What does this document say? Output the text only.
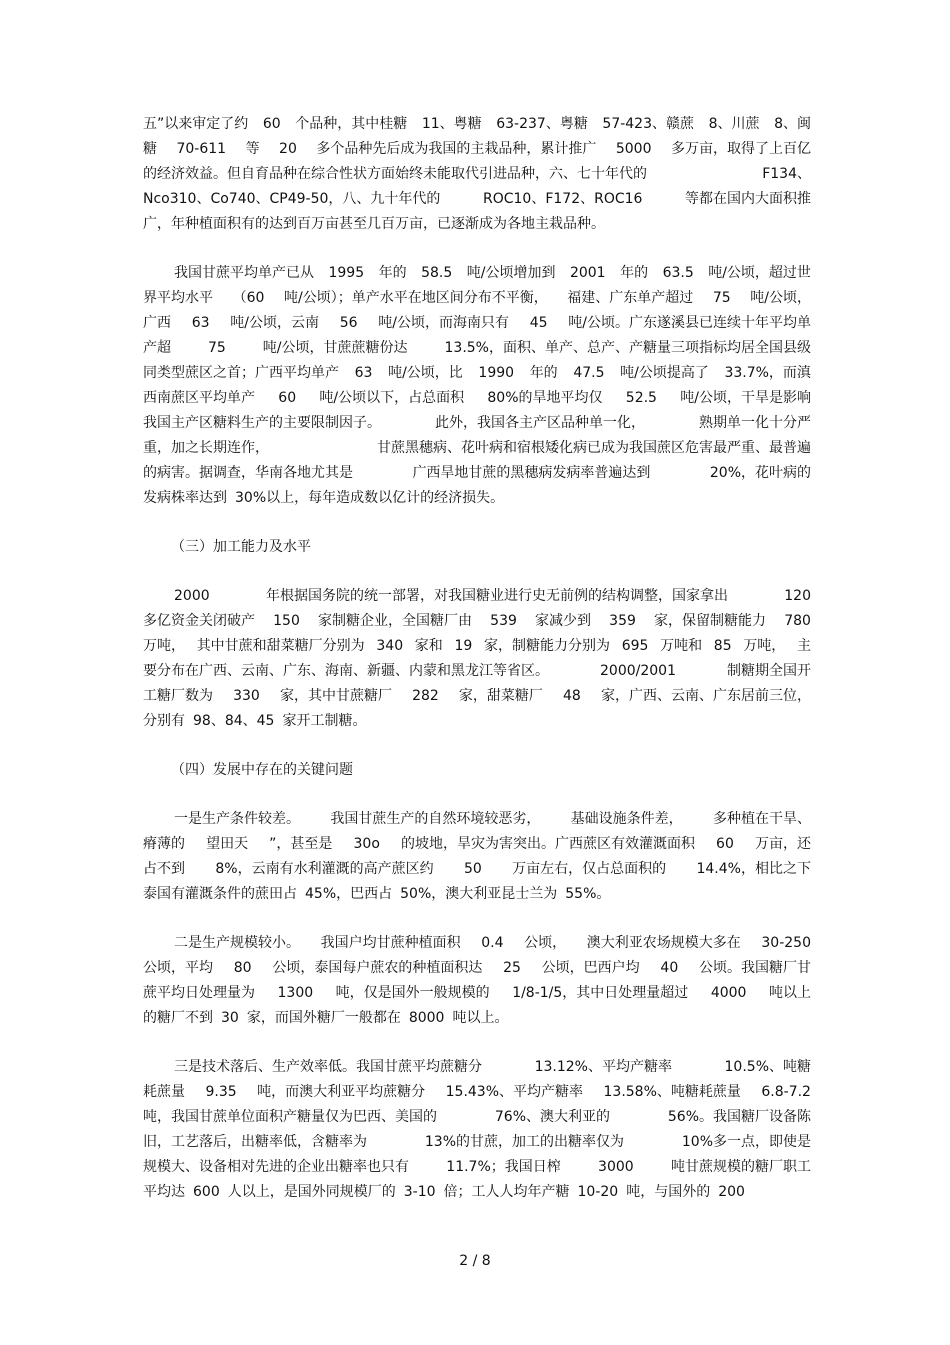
五”以来审定了约 60 个品种，其中桂糖 11、粤糖 63-237、粤糖 57-423、赣蔗 8、川蔗 8、闽
糖 70-611 等 20 多个品种先后成为我国的主栽品种，累计推广 5000 多万亩，取得了上百亿
的经济效益。但自育品种在综合性状方面始终未能取代引进品种，六、七十年代的	F134、
Nco310、Co740、CP49-50，八、九十年代的	ROC10、F172、ROC16	等都在国内大面积推
广，年种植面积有的达到百万亩甚至几百万亩，已逐渐成为各地主栽品种。
我国甘蔗平均单产已从 1995 年的 58.5 吨/公顷增加到 2001 年的 63.5 吨/公顷，超过世
界平均水平 （60 吨/公顷）；单产水平在地区间分布不平衡， 福建、广东单产超过 75 吨/公顷，
广西 63 吨/公顷，云南 56 吨/公顷，而海南只有 45 吨/公顷。广东遂溪县已连续十年平均单
产超	75	吨/公顷，甘蔗蔗糖份达	13.5%，面积、单产、总产、产糖量三项指标均居全国县级
同类型蔗区之首；广西平均单产 63 吨/公顷，比 1990 年的 47.5 吨/公顷提高了 33.7%，而滇
西南蔗区平均单产 60 吨/公顷以下，占总面积 80%的旱地平均仅 52.5 吨/公顷，干旱是影响
我国主产区糖料生产的主要限制因子。	此外，我国各主产区品种单一化，	熟期单一化十分严
重，加之长期连作，	甘蔗黑穗病、花叶病和宿根矮化病已成为我国蔗区危害最严重、最普遍
的病害。据调查，华南各地尤其是	广西旱地甘蔗的黑穗病发病率普遍达到	20%，花叶病的
发病株率达到 30%以上，每年造成数以亿计的经济损失。
（三）加工能力及水平
2000	年根据国务院的统一部署，对我国糖业进行史无前例的结构调整，国家拿出	120
多亿资金关闭破产 150 家制糖企业，全国糖厂由 539 家减少到 359 家，保留制糖能力 780
万吨， 其中甘蔗和甜菜糖厂分别为 340 家和 19 家，制糖能力分别为 695 万吨和 85 万吨， 主
要分布在广西、云南、广东、海南、新疆、内蒙和黑龙江等省区。	2000/2001	制糖期全国开
工糖厂数为 330 家，其中甘蔗糖厂 282 家，甜菜糖厂 48 家，广西、云南、广东居前三位，
分别有 98、84、45 家开工制糖。
（四）发展中存在的关键问题
一是生产条件较差。 我国甘蔗生产的自然环境较恶劣， 基础设施条件差， 多种植在干旱、
瘠薄的 望田天 ”，甚至是 30o 的坡地，旱灾为害突出。广西蔗区有效灌溉面积 60 万亩，还
占不到 8%，云南有水利灌溉的高产蔗区约 50 万亩左右，仅占总面积的 14.4%，相比之下
泰国有灌溉条件的蔗田占 45%，巴西占 50%，澳大利亚昆士兰为 55%。
二是生产规模较小。 我国户均甘蔗种植面积 0.4 公顷， 澳大利亚农场规模大多在 30-250
公顷，平均 80 公顷，泰国每户蔗农的种植面积达 25 公顷，巴西户均 40 公顷。我国糖厂甘
蔗平均日处理量为 1300 吨，仅是国外一般规模的 1/8-1/5，其中日处理量超过 4000 吨以上
的糖厂不到 30 家，而国外糖厂一般都在 8000 吨以上。
三是技术落后、生产效率低。我国甘蔗平均蔗糖分	13.12%、平均产糖率	10.5%、吨糖
耗蔗量 9.35 吨，而澳大利亚平均蔗糖分 15.43%、平均产糖率 13.58%、吨糖耗蔗量 6.8-7.2
吨，我国甘蔗单位面积产糖量仅为巴西、美国的	76%、澳大利亚的	56%。我国糖厂设备陈
旧，工艺落后，出糖率低，含糖率为	13%的甘蔗，加工的出糖率仅为	10%多一点，即使是
规模大、设备相对先进的企业出糖率也只有	11.7%；我国日榨	3000	吨甘蔗规模的糖厂职工
平均达 600 人以上，是国外同规模厂的 3-10 倍；工人人均年产糖 10-20 吨，与国外的 200
2 / 8
